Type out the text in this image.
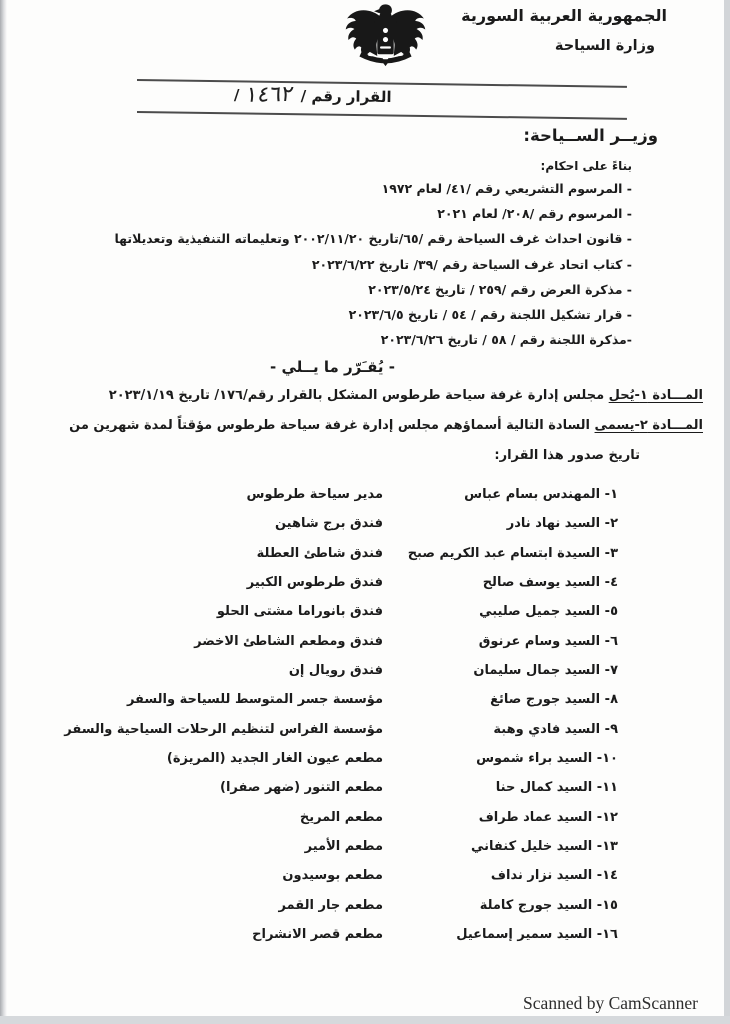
الجمهورية العربية السورية
وزارة السياحة
القرار رقم /١٤٦٢/
وزيــر الســياحة:
بناءً على احكام:
- المرسوم التشريعي رقم /٤١/ لعام ١٩٧٢
- المرسوم رقم /٢٠٨/ لعام ٢٠٢١
- قانون احداث غرف السياحة رقم /٦٥/تاريخ ٢٠٠٢/١١/٢٠ وتعليماته التنفيذية وتعديلاتها
- كتاب اتحاد غرف السياحة رقم /٣٩/ تاريخ ٢٠٢٣/٦/٢٢
- مذكرة العرض رقم /٢٥٩ / تاريخ ٢٠٢٣/٥/٢٤
- قرار تشكيل اللجنة رقم / ٥٤ / تاريخ ٢٠٢٣/٦/٥
-مذكرة اللجنة رقم / ٥٨ / تاريخ ٢٠٢٣/٦/٢٦
- يُقـَرّر ما يــلي -
المـــادة ١-يُحل مجلس إدارة غرفة سياحة طرطوس المشكل بالقرار رقم/١٧٦/ تاريخ ٢٠٢٣/١/١٩
المـــادة ٢-يسمى السادة التالية أسماؤهم مجلس إدارة غرفة سياحة طرطوس مؤقتاً لمدة شهرين من
تاريخ صدور هذا القرار:
١- المهندس بسام عباس
مدير سياحة طرطوس
٢- السيد نهاد نادر
فندق برج شاهين
٣- السيدة ابتسام عبد الكريم صبح
فندق شاطئ العطلة
٤- السيد يوسف صالح
فندق طرطوس الكبير
٥- السيد جميل صليبي
فندق بانوراما مشتى الحلو
٦- السيد وسام عرنوق
فندق ومطعم الشاطئ الاخضر
٧- السيد جمال سليمان
فندق رويال إن
٨- السيد جورج صائغ
مؤسسة جسر المتوسط للسياحة والسفر
٩- السيد فادي وهبة
مؤسسة الفراس لتنظيم الرحلات السياحية والسفر
١٠- السيد براء شموس
مطعم عيون الغار الجديد (المريزة)
١١- السيد كمال حنا
مطعم التنور (ضهر صفرا)
١٢- السيد عماد طراف
مطعم المريخ
١٣- السيد خليل كنفاني
مطعم الأمير
١٤- السيد نزار نداف
مطعم بوسيدون
١٥- السيد جورج كاملة
مطعم جار القمر
١٦- السيد سمير إسماعيل
مطعم قصر الانشراح
Scanned by CamScanner
